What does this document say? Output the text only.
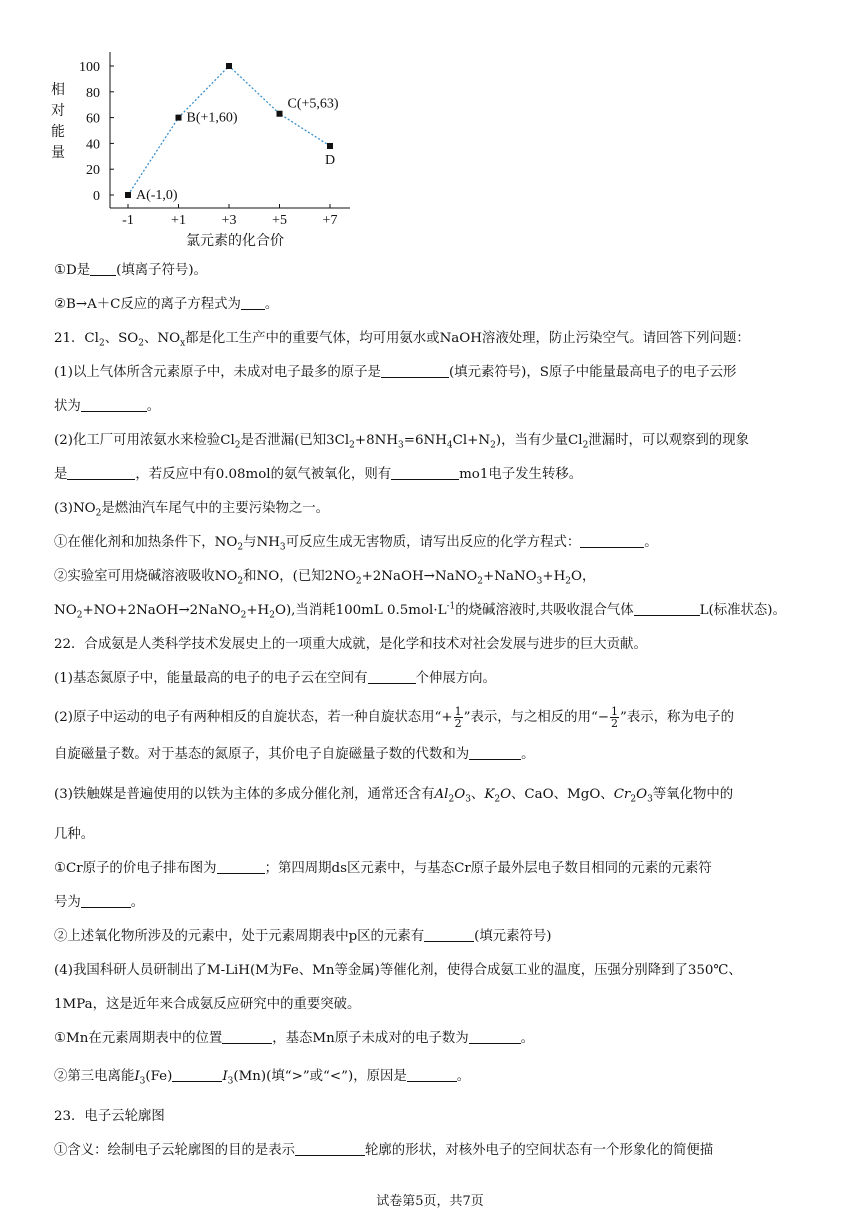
相
对
能
量
0
20
40
60
80
100
-1	+1	+3	+5	+7
A(-1,0)
B(+1,60)
C(+5,63)
D
氯元素的化合价
①D是 (填离子符号)。
②B→A＋C反应的离子方程式为 。
21．$Cl_2$、$SO_2$、$NO_x$都是化工生产中的重要气体，均可用氨水或NaOH溶液处理，防止污染空气。请回答下列问题：
(1)以上气体所含元素原子中，未成对电子最多的原子是	(填元素符号)，S原子中能量最高电子的电子云形
状为	。
(2)化工厂可用浓氨水来检验$Cl_2$是否泄漏(已知$3Cl_2+8NH_3=6NH_4Cl+N_2$)，当有少量$Cl_2$泄漏时，可以观察到的现象
是	，若反应中有0.08mol的氨气被氧化，则有	mo1电子发生转移。
$(3)NO_2$是燃油汽车尾气中的主要污染物之一。
①在催化剂和加热条件下，$NO_2$与$NH_3$可反应生成无害物质，请写出反应的化学方程式：	。
②实验室可用烧碱溶液吸收$NO_2$和NO，(已知$2NO_2+2NaOH\to NaNO_2+NaNO_3+H_2O$，
$NO_2+NO+2NaOH\to 2NaNO_2+H_2O$),当消耗100mL $0.5mol\cdot L^{-1}$的烧碱溶液时,共吸收混合气体	L(标准状态)。
22．合成氨是人类科学技术发展史上的一项重大成就，是化学和技术对社会发展与进步的巨大贡献。
(1)基态氮原子中，能量最高的电子的电子云在空间有	个伸展方向。
(2)原子中运动的电子有两种相反的自旋状态，若一种自旋状态用“+ $\frac{1}{2}$ ”表示，与之相反的用“− $\frac{1}{2}$ ”表示，称为电子的
自旋磁量子数。对于基态的氮原子，其价电子自旋磁量子数的代数和为	。
(3)铁触媒是普遍使用的以铁为主体的多成分催化剂，通常还含有$Al_2O_3$、$K_2O$、CaO、MgO、$Cr_2O_3$等氧化物中的
几种。
①Cr原子的价电子排布图为	；第四周期ds区元素中，与基态Cr原子最外层电子数目相同的元素的元素符
号为	。
②上述氧化物所涉及的元素中，处于元素周期表中p区的元素有	(填元素符号)
(4)我国科研人员研制出了M-LiH(M为Fe、Mn等金属)等催化剂，使得合成氨工业的温度，压强分别降到了350℃、
1MPa，这是近年来合成氨反应研究中的重要突破。
①Mn在元素周期表中的位置	，基态Mn原子未成对的电子数为	。
②第三电离能$I_3(Fe)$	$I_3(Mn)$(填“>”或“<”)，原因是	。
23．电子云轮廓图
①含义：绘制电子云轮廓图的目的是表示	轮廓的形状，对核外电子的空间状态有一个形象化的简便描
试卷第5页，共7页
